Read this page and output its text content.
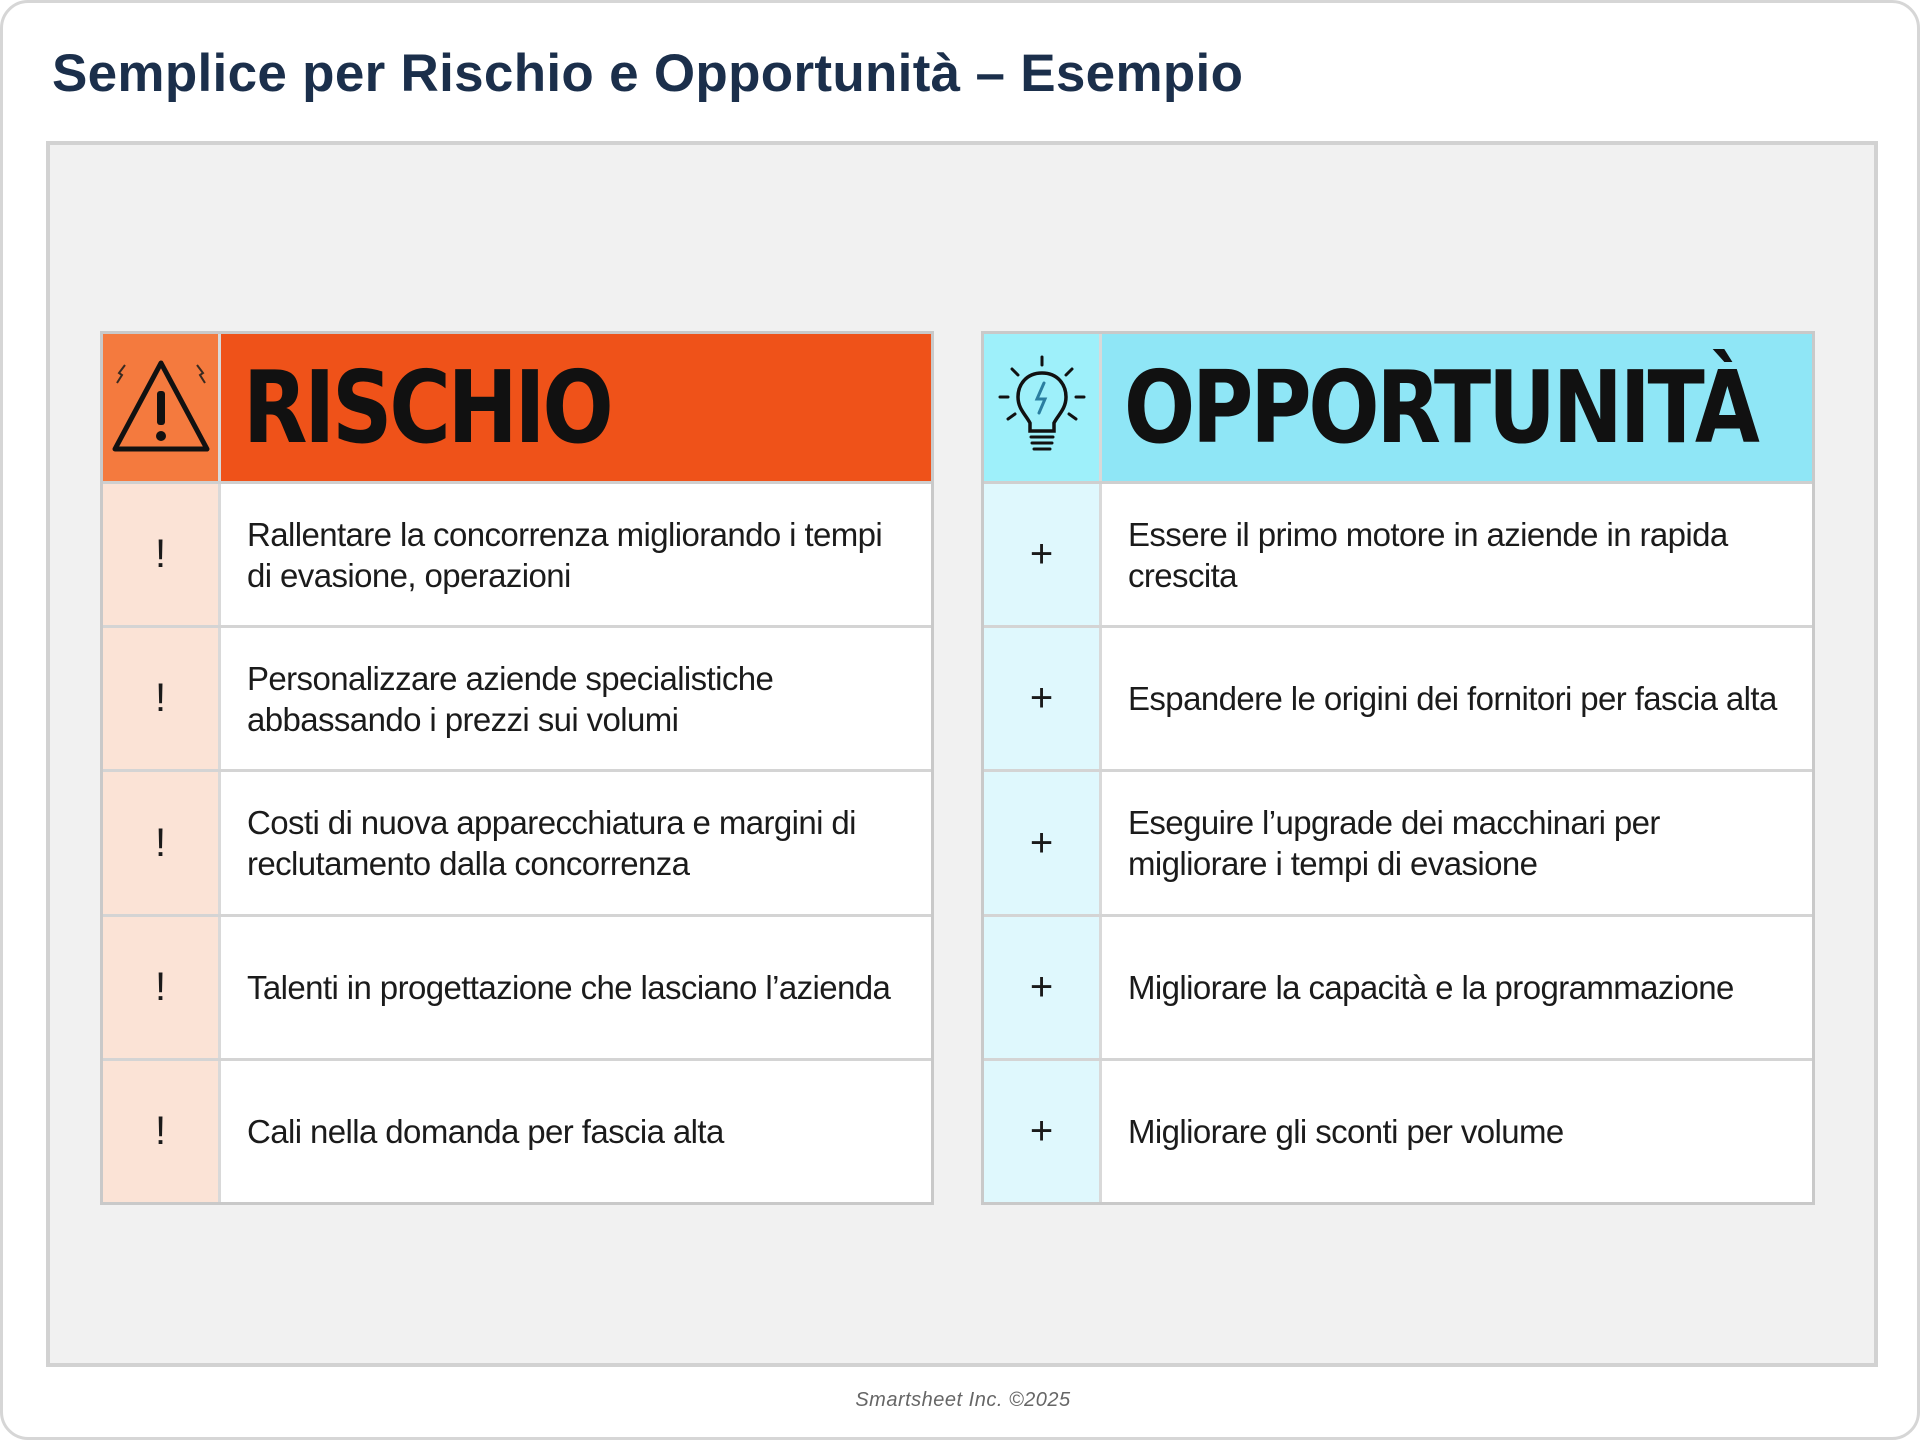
Semplice per Rischio e Opportunità – Esempio
RISCHIO
!	Rallentare la concorrenza migliorando i tempi di evasione, operazioni
!	Personalizzare aziende specialistiche abbassando i prezzi sui volumi
!	Costi di nuova apparecchiatura e margini di reclutamento dalla concorrenza
!	Talenti in progettazione che lasciano l’azienda
!	Cali nella domanda per fascia alta
OPPORTUNITÀ
+	Essere il primo motore in aziende in rapida crescita
+	Espandere le origini dei fornitori per fascia alta
+	Eseguire l’upgrade dei macchinari per migliorare i tempi di evasione
+	Migliorare la capacità e la programmazione
+	Migliorare gli sconti per volume
Smartsheet Inc. ©2025
